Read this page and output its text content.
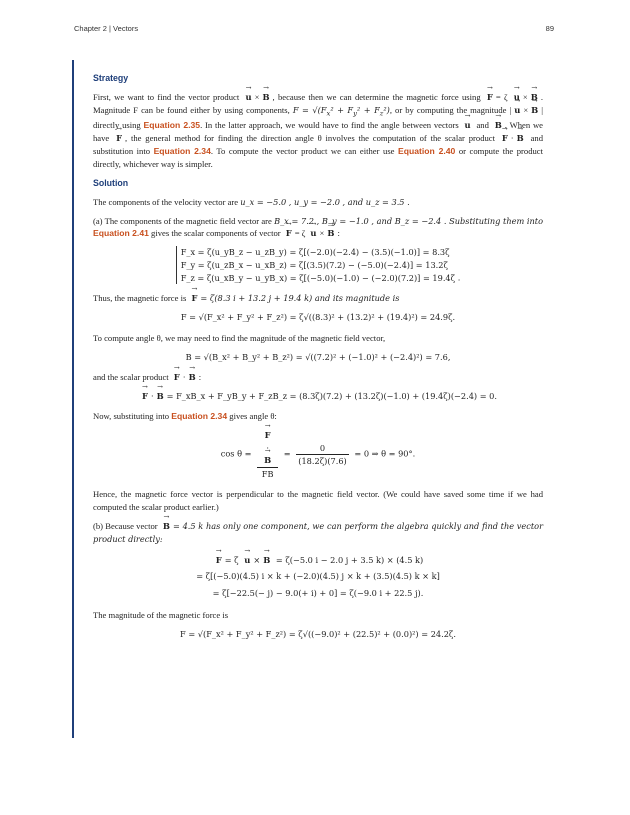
Chapter 2 | Vectors	89
Strategy

First, we want to find the vector product → u × → B , because then we can determine the magnetic force using → F = ζ → u × → B . Magnitude F can be found either by using components, $F = √(F_x^2 + F_y^2 + F_z^2)$, or by computing the magnitude | → u × → B | directly using Equation 2.35. In the latter approach, we would have to find the angle between vectors → u and → B . When we have → F , the general method for finding the direction angle θ involves the computation of the scalar product → F · → B and substitution into Equation 2.34. To compute the vector product we can either use Equation 2.40 or compute the product directly, whichever way is simpler.

Solution

The components of the velocity vector are u_x = −5.0 , u_y = −2.0 , and u_z = 3.5 .

(a) The components of the magnetic field vector are B_x = 7.2 , B_y = −1.0 , and B_z = −2.4 . Substituting them into Equation 2.41 gives the scalar components of vector → F = ζ → u × → B :

F_x = ζ(u_yB_z − u_zB_y) = ζ[(−2.0)(−2.4) − (3.5)(−1.0)] = 8.3ζ
F_y = ζ(u_zB_x − u_xB_z) = ζ[(3.5)(7.2) − (−5.0)(−2.4)] = 13.2ζ
F_z = ζ(u_xB_y − u_yB_x) = ζ[(−5.0)(−1.0) − (−2.0)(7.2)] = 19.4ζ .

Thus, the magnetic force is → F = ζ(8.3 i + 13.2 j + 19.4 k) and its magnitude is

F = √(F_x² + F_y² + F_z²) = ζ√((8.3)² + (13.2)² + (19.4)²) = 24.9ζ.

To compute angle θ, we may need to find the magnitude of the magnetic field vector,

B = √(B_x² + B_y² + B_z²) = √((7.2)² + (−1.0)² + (−2.4)²) = 7.6,

and the scalar product → F · → B :

→ F · → B = F_xB_x + F_yB_y + F_zB_z = (8.3ζ)(7.2) + (13.2ζ)(−1.0) + (19.4ζ)(−2.4) = 0.

Now, substituting into Equation 2.34 gives angle θ:

cos θ = → F
·
→ B
FB = $\frac{0}{(18.2\zeta)(7.6)} = 0$ ⇒ θ = 90°.

Hence, the magnetic force vector is perpendicular to the magnetic field vector. (We could have saved some time if we had computed the scalar product earlier.)

(b) Because vector → B = 4.5 k has only one component, we can perform the algebra quickly and find the vector product directly:

→ F = ζ → u × → B = ζ(−5.0 i − 2.0 j + 3.5 k) × (4.5 k)
= ζ[(−5.0)(4.5) i × k + (−2.0)(4.5) j × k + (3.5)(4.5) k × k]
= ζ[−22.5(− j) − 9.0(+ i) + 0] = ζ(−9.0 i + 22.5 j).

The magnitude of the magnetic force is

F = √(F_x² + F_y² + F_z²) = ζ√((−9.0)² + (22.5)² + (0.0)²) = 24.2ζ.
